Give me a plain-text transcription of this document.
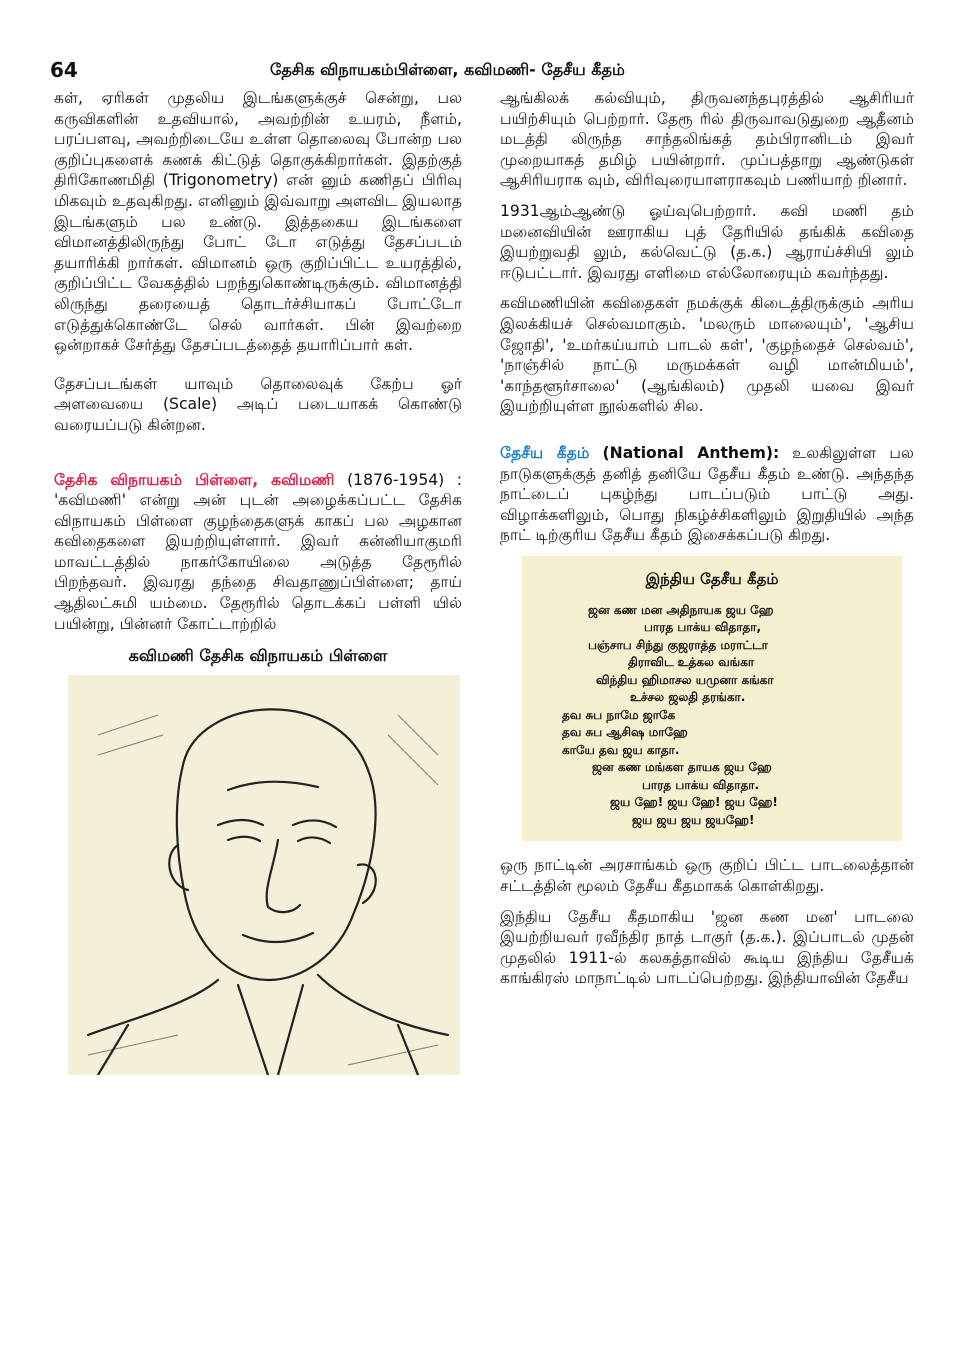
64	தேசிக விநாயகம்பிள்ளை, கவிமணி- தேசீய கீதம்

கள், ஏரிகள் முதலிய இடங்களுக்குச் சென்று, பல கருவிகளின் உதவியால், அவற்றின் உயரம், நீளம், பரப்பளவு, அவற்றிடையே உள்ள தொலைவு போன்ற பல குறிப்புகளைக் கணக் கிட்டுத் தொகுக்கிறார்கள். இதற்குத் திரிகோணமிதி (Trigonometry) என் னும் கணிதப் பிரிவு மிகவும் உதவுகிறது. எனினும் இவ்வாறு அளவிட இயலாத இடங்களும் பல உண்டு. இத்தகைய இடங்களை விமானத்திலிருந்து போட் டோ எடுத்து தேசப்படம் தயாரிக்கி றார்கள். விமானம் ஒரு குறிப்பிட்ட உயரத்தில், குறிப்பிட்ட வேகத்தில் பறந்துகொண்டிருக்கும். விமானத்தி லிருந்து தரையைத் தொடர்ச்சியாகப் போட்டோ எடுத்துக்கொண்டே செல் வார்கள். பின் இவற்றை ஒன்றாகச் சேர்த்து தேசப்படத்தைத் தயாரிப்பார் கள்.

தேசப்படங்கள் யாவும் தொலைவுக் கேற்ப ஓர் அளவையை (Scale) அடிப் படையாகக் கொண்டு வரையப்படு கின்றன.

தேசிக விநாயகம் பிள்ளை, கவிமணி (1876-1954) : 'கவிமணி' என்று அன் புடன் அழைக்கப்பட்ட தேசிக விநாயகம் பிள்ளை குழந்தைகளுக் காகப் பல அழகான கவிதைகளை இயற்றியுள்ளார். இவர் கன்னியாகுமரி மாவட்டத்தில் நாகர்கோயிலை அடுத்த தேரூரில் பிறந்தவர். இவரது தந்தை சிவதாணுப்பிள்ளை; தாய் ஆதிலட்சுமி யம்மை. தேரூரில் தொடக்கப் பள்ளி யில் பயின்று, பின்னர் கோட்டாற்றில்

கவிமணி தேசிக விநாயகம் பிள்ளை

ஆங்கிலக் கல்வியும், திருவனந்தபுரத்தில் ஆசிரியர் பயிற்சியும் பெற்றார். தேரூ ரில் திருவாவடுதுறை ஆதீனம் மடத்தி லிருந்த சாந்தலிங்கத் தம்பிரானிடம் இவர் முறையாகத் தமிழ் பயின்றார். முப்பத்தாறு ஆண்டுகள் ஆசிரியராக வும், விரிவுரையாளராகவும் பணியாற் றினார்.

1931ஆம்ஆண்டு ஓய்வுபெற்றார். கவி மணி தம் மனைவியின் ஊராகிய புத் தேரியில் தங்கிக் கவிதை இயற்றுவதி லும், கல்வெட்டு (த.க.) ஆராய்ச்சியி லும் ஈடுபட்டார். இவரது எளிமை எல்லோரையும் கவர்ந்தது.

கவிமணியின் கவிதைகள் நமக்குக் கிடைத்திருக்கும் அரிய இலக்கியச் செல்வமாகும். 'மலரும் மாலையும்', 'ஆசிய ஜோதி', 'உமர்கய்யாம் பாடல் கள்', 'குழந்தைச் செல்வம்', 'நாஞ்சில் நாட்டு மருமக்கள் வழி மான்மியம்', 'காந்தளூர்சாலை' (ஆங்கிலம்) முதலி யவை இவர் இயற்றியுள்ள நூல்களில் சில.

தேசீய கீதம் (National Anthem): உலகிலுள்ள பல நாடுகளுக்குத் தனித் தனியே தேசீய கீதம் உண்டு. அந்தந்த நாட்டைப் புகழ்ந்து பாடப்படும் பாட்டு அது. விழாக்களிலும், பொது நிகழ்ச்சிகளிலும் இறுதியில் அந்த நாட் டிற்குரிய தேசீய கீதம் இசைக்கப்படு கிறது.

இந்திய தேசீய கீதம்
ஜன கண மன அதிநாயக ஜய ஹே
பாரத பாக்ய விதாதா,
பஞ்சாப சிந்து குஜராத்த மராட்டா
திராவிட உத்கல வங்கா
விந்திய ஹிமாசல யமுனா கங்கா
உச்சல ஜலதி தரங்கா.
தவ சுப நாமே ஜாகே
தவ சுப ஆசிஷ மாஹே
காயே தவ ஜய காதா.
ஜன கண மங்கள தாயக ஜய ஹே
பாரத பாக்ய விதாதா.
ஜய ஹே! ஜய ஹே! ஜய ஹே!
ஜய ஜய ஜய ஜயஹே!

ஒரு நாட்டின் அரசாங்கம் ஒரு குறிப் பிட்ட பாடலைத்தான் சட்டத்தின் மூலம் தேசீய கீதமாகக் கொள்கிறது.

இந்திய தேசீய கீதமாகிய 'ஜன கண மன' பாடலை இயற்றியவர் ரவீந்திர நாத் டாகுர் (த.க.). இப்பாடல் முதன் முதலில் 1911-ல் கலகத்தாவில் கூடிய இந்திய தேசீயக் காங்கிரஸ் மாநாட்டில் பாடப்பெற்றது. இந்தியாவின் தேசீய
